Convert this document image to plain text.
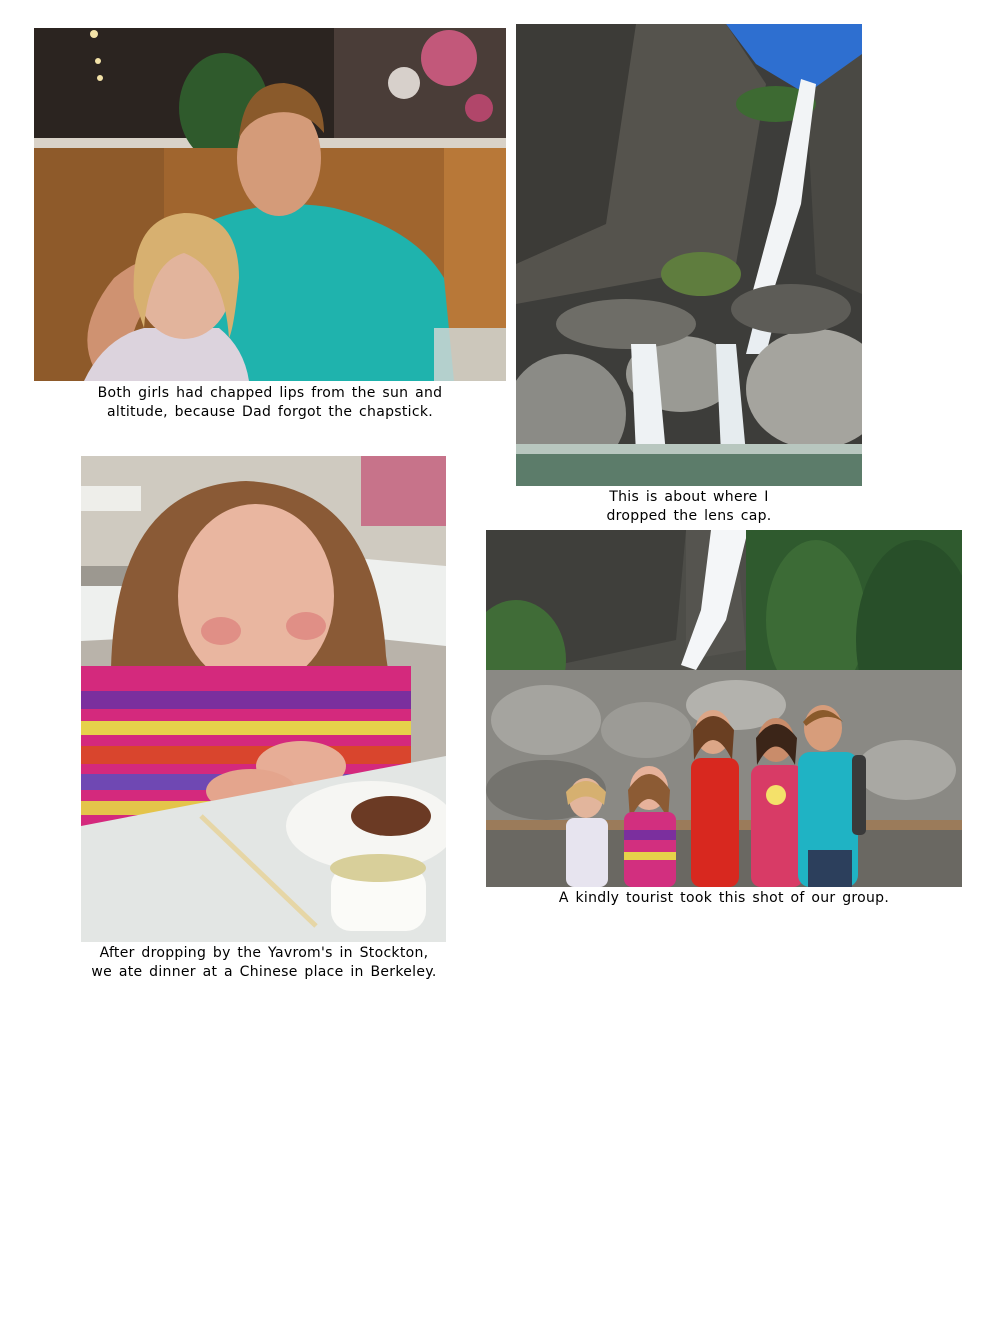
Both girls had chapped lips from the sun and
altitude, because Dad forgot the chapstick.
This is about where I
dropped the lens cap.
After dropping by the Yavrom's in Stockton,
we ate dinner at a Chinese place in Berkeley.
A kindly tourist took this shot of our group.
